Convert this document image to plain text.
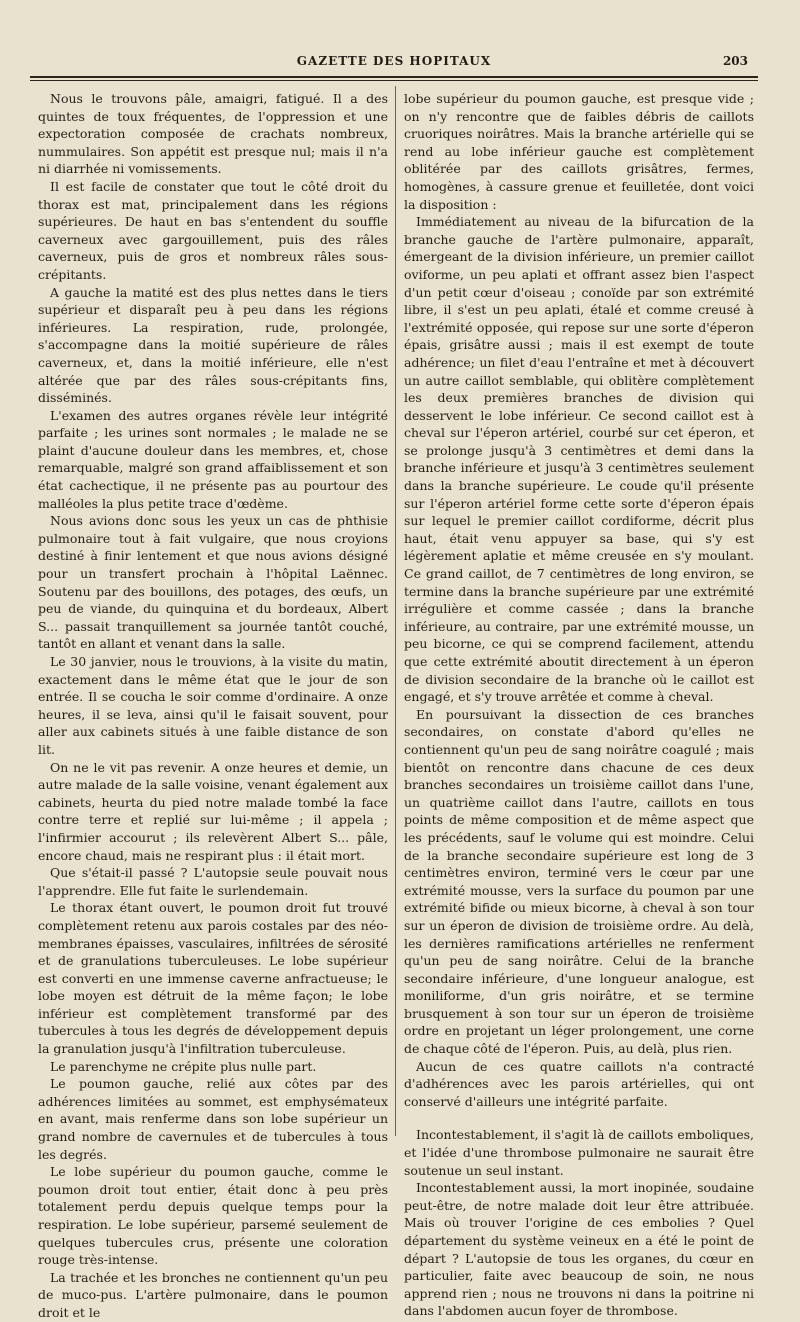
GAZETTE DES HOPITAUX	203

Nous le trouvons pâle, amaigri, fatigué. Il a des quintes de toux fréquentes, de l'oppression et une expectoration composée de crachats nombreux, nummulaires. Son appétit est presque nul; mais il n'a ni diarrhée ni vomissements.

Il est facile de constater que tout le côté droit du thorax est mat, principalement dans les régions supérieures. De haut en bas s'entendent du souffle caverneux avec gargouillement, puis des râles caverneux, puis de gros et nombreux râles sous-crépitants.

A gauche la matité est des plus nettes dans le tiers supérieur et disparaît peu à peu dans les régions inférieures. La respiration, rude, prolongée, s'accompagne dans la moitié supérieure de râles caverneux, et, dans la moitié inférieure, elle n'est altérée que par des râles sous-crépitants fins, disséminés.

L'examen des autres organes révèle leur intégrité parfaite ; les urines sont normales ; le malade ne se plaint d'aucune douleur dans les membres, et, chose remarquable, malgré son grand affaiblissement et son état cachectique, il ne présente pas au pourtour des malléoles la plus petite trace d'œdème.

Nous avions donc sous les yeux un cas de phthisie pulmonaire tout à fait vulgaire, que nous croyions destiné à finir lentement et que nous avions désigné pour un transfert prochain à l'hôpital Laënnec. Soutenu par des bouillons, des potages, des œufs, un peu de viande, du quinquina et du bordeaux, Albert S... passait tranquillement sa journée tantôt couché, tantôt en allant et venant dans la salle.

Le 30 janvier, nous le trouvions, à la visite du matin, exactement dans le même état que le jour de son entrée. Il se coucha le soir comme d'ordinaire. A onze heures, il se leva, ainsi qu'il le faisait souvent, pour aller aux cabinets situés à une faible distance de son lit.

On ne le vit pas revenir. A onze heures et demie, un autre malade de la salle voisine, venant également aux cabinets, heurta du pied notre malade tombé la face contre terre et replié sur lui-même ; il appela ; l'infirmier accourut ; ils relevèrent Albert S... pâle, encore chaud, mais ne respirant plus : il était mort.

Que s'était-il passé ? L'autopsie seule pouvait nous l'apprendre. Elle fut faite le surlendemain.

Le thorax étant ouvert, le poumon droit fut trouvé complètement retenu aux parois costales par des néo-membranes épaisses, vasculaires, infiltrées de sérosité et de granulations tuberculeuses. Le lobe supérieur est converti en une immense caverne anfractueuse; le lobe moyen est détruit de la même façon; le lobe inférieur est complètement transformé par des tubercules à tous les degrés de développement depuis la granulation jusqu'à l'infiltration tuberculeuse.

Le parenchyme ne crépite plus nulle part.

Le poumon gauche, relié aux côtes par des adhérences limitées au sommet, est emphysémateux en avant, mais renferme dans son lobe supérieur un grand nombre de cavernules et de tubercules à tous les degrés.

Le lobe supérieur du poumon gauche, comme le poumon droit tout entier, était donc à peu près totalement perdu depuis quelque temps pour la respiration. Le lobe supérieur, parsemé seulement de quelques tubercules crus, présente une coloration rouge très-intense.

La trachée et les bronches ne contiennent qu'un peu de muco-pus. L'artère pulmonaire, dans le poumon droit et le

lobe supérieur du poumon gauche, est presque vide ; on n'y rencontre que de faibles débris de caillots cruoriques noirâtres. Mais la branche artérielle qui se rend au lobe inférieur gauche est complètement oblitérée par des caillots grisâtres, fermes, homogènes, à cassure grenue et feuilletée, dont voici la disposition :

Immédiatement au niveau de la bifurcation de la branche gauche de l'artère pulmonaire, apparaît, émergeant de la division inférieure, un premier caillot oviforme, un peu aplati et offrant assez bien l'aspect d'un petit cœur d'oiseau ; conoïde par son extrémité libre, il s'est un peu aplati, étalé et comme creusé à l'extrémité opposée, qui repose sur une sorte d'éperon épais, grisâtre aussi ; mais il est exempt de toute adhérence; un filet d'eau l'entraîne et met à découvert un autre caillot semblable, qui oblitère complètement les deux premières branches de division qui desservent le lobe inférieur. Ce second caillot est à cheval sur l'éperon artériel, courbé sur cet éperon, et se prolonge jusqu'à 3 centimètres et demi dans la branche inférieure et jusqu'à 3 centimètres seulement dans la branche supérieure. Le coude qu'il présente sur l'éperon artériel forme cette sorte d'éperon épais sur lequel le premier caillot cordiforme, décrit plus haut, était venu appuyer sa base, qui s'y est légèrement aplatie et même creusée en s'y moulant. Ce grand caillot, de 7 centimètres de long environ, se termine dans la branche supérieure par une extrémité irrégulière et comme cassée ; dans la branche inférieure, au contraire, par une extrémité mousse, un peu bicorne, ce qui se comprend facilement, attendu que cette extrémité aboutit directement à un éperon de division secondaire de la branche où le caillot est engagé, et s'y trouve arrêtée et comme à cheval.

En poursuivant la dissection de ces branches secondaires, on constate d'abord qu'elles ne contiennent qu'un peu de sang noirâtre coagulé ; mais bientôt on rencontre dans chacune de ces deux branches secondaires un troisième caillot dans l'une, un quatrième caillot dans l'autre, caillots en tous points de même composition et de même aspect que les précédents, sauf le volume qui est moindre. Celui de la branche secondaire supérieure est long de 3 centimètres environ, terminé vers le cœur par une extrémité mousse, vers la surface du poumon par une extrémité bifide ou mieux bicorne, à cheval à son tour sur un éperon de division de troisième ordre. Au delà, les dernières ramifications artérielles ne renferment qu'un peu de sang noirâtre. Celui de la branche secondaire inférieure, d'une longueur analogue, est moniliforme, d'un gris noirâtre, et se termine brusquement à son tour sur un éperon de troisième ordre en projetant un léger prolongement, une corne de chaque côté de l'éperon. Puis, au delà, plus rien.

Aucun de ces quatre caillots n'a contracté d'adhérences avec les parois artérielles, qui ont conservé d'ailleurs une intégrité parfaite.

Incontestablement, il s'agit là de caillots emboliques, et l'idée d'une thrombose pulmonaire ne saurait être soutenue un seul instant.

Incontestablement aussi, la mort inopinée, soudaine peut-être, de notre malade doit leur être attribuée. Mais où trouver l'origine de ces embolies ? Quel département du système veineux en a été le point de départ ? L'autopsie de tous les organes, du cœur en particulier, faite avec beaucoup de soin, ne nous apprend rien ; nous ne trouvons ni dans la poitrine ni dans l'abdomen aucun foyer de thrombose.
